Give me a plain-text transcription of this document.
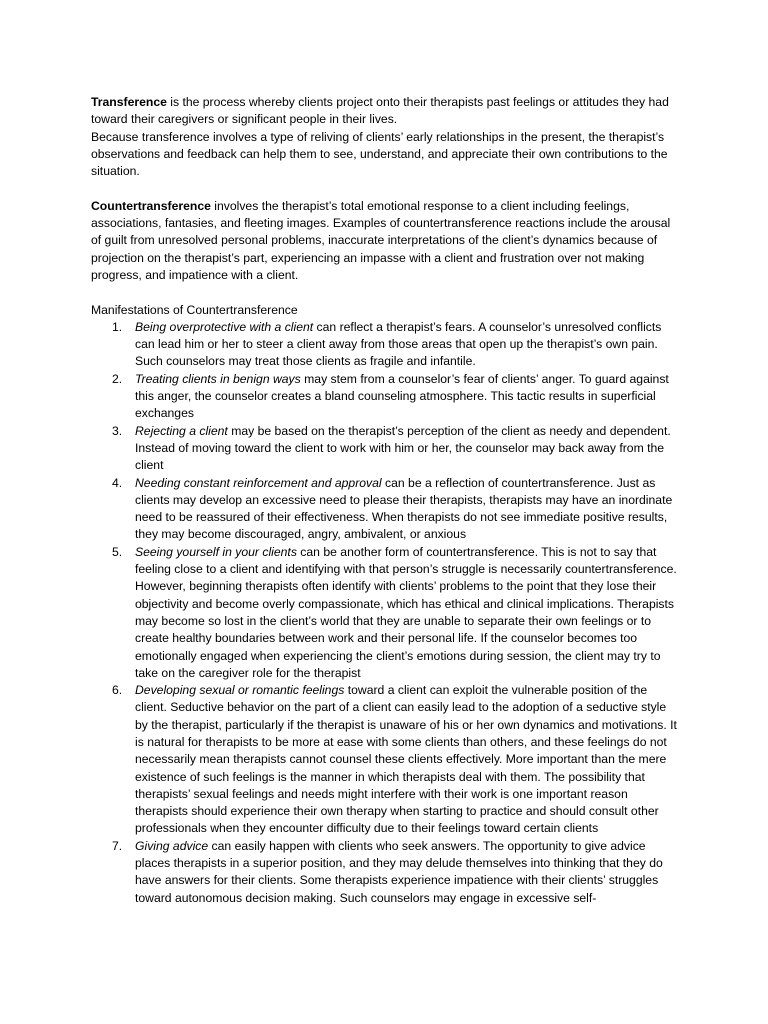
Transference is the process whereby clients project onto their therapists past feelings or attitudes they had toward their caregivers or significant people in their lives.

Because transference involves a type of reliving of clients’ early relationships in the present, the therapist’s observations and feedback can help them to see, understand, and appreciate their own contributions to the situation.

Countertransference involves the therapist’s total emotional response to a client including feelings, associations, fantasies, and fleeting images. Examples of countertransference reactions include the arousal of guilt from unresolved personal problems, inaccurate interpretations of the client’s dynamics because of projection on the therapist’s part, experiencing an impasse with a client and frustration over not making progress, and impatience with a client.

Manifestations of Countertransference

1. Being overprotective with a client can reflect a therapist’s fears. A counselor’s unresolved conflicts can lead him or her to steer a client away from those areas that open up the therapist’s own pain. Such counselors may treat those clients as fragile and infantile.
2. Treating clients in benign ways may stem from a counselor’s fear of clients’ anger. To guard against this anger, the counselor creates a bland counseling atmosphere. This tactic results in superficial exchanges
3. Rejecting a client may be based on the therapist’s perception of the client as needy and dependent. Instead of moving toward the client to work with him or her, the counselor may back away from the client
4. Needing constant reinforcement and approval can be a reflection of countertransference. Just as clients may develop an excessive need to please their therapists, therapists may have an inordinate need to be reassured of their effectiveness. When therapists do not see immediate positive results, they may become discouraged, angry, ambivalent, or anxious
5. Seeing yourself in your clients can be another form of countertransference. This is not to say that feeling close to a client and identifying with that person’s struggle is necessarily countertransference. However, beginning therapists often identify with clients’ problems to the point that they lose their objectivity and become overly compassionate, which has ethical and clinical implications. Therapists may become so lost in the client’s world that they are unable to separate their own feelings or to create healthy boundaries between work and their personal life. If the counselor becomes too emotionally engaged when experiencing the client’s emotions during session, the client may try to take on the caregiver role for the therapist
6. Developing sexual or romantic feelings toward a client can exploit the vulnerable position of the client. Seductive behavior on the part of a client can easily lead to the adoption of a seductive style by the therapist, particularly if the therapist is unaware of his or her own dynamics and motivations. It is natural for therapists to be more at ease with some clients than others, and these feelings do not necessarily mean therapists cannot counsel these clients effectively. More important than the mere existence of such feelings is the manner in which therapists deal with them. The possibility that therapists’ sexual feelings and needs might interfere with their work is one important reason therapists should experience their own therapy when starting to practice and should consult other professionals when they encounter difficulty due to their feelings toward certain clients
7. Giving advice can easily happen with clients who seek answers. The opportunity to give advice places therapists in a superior position, and they may delude themselves into thinking that they do have answers for their clients. Some therapists experience impatience with their clients’ struggles toward autonomous decision making. Such counselors may engage in excessive self-
